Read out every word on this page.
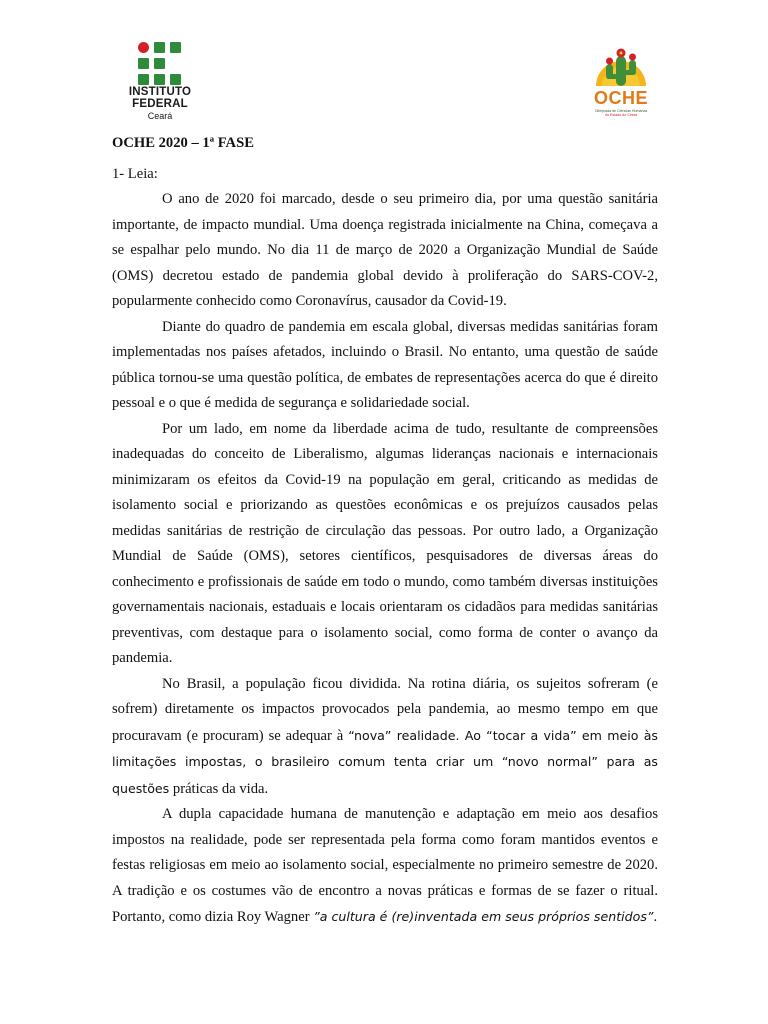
INSTITUTO
FEDERAL
Ceará
OCHE
Olimpíada de Ciências Humanas
do Estado do Ceará

OCHE 2020 – 1ª FASE

1- Leia:

O ano de 2020 foi marcado, desde o seu primeiro dia, por uma questão sanitária importante, de impacto mundial. Uma doença registrada inicialmente na China, começava a se espalhar pelo mundo. No dia 11 de março de 2020 a Organização Mundial de Saúde (OMS) decretou estado de pandemia global devido à proliferação do SARS-COV-2, popularmente conhecido como Coronavírus, causador da Covid-19.

Diante do quadro de pandemia em escala global, diversas medidas sanitárias foram implementadas nos países afetados, incluindo o Brasil. No entanto, uma questão de saúde pública tornou-se uma questão política, de embates de representações acerca do que é direito pessoal e o que é medida de segurança e solidariedade social.

Por um lado, em nome da liberdade acima de tudo, resultante de compreensões inadequadas do conceito de Liberalismo, algumas lideranças nacionais e internacionais minimizaram os efeitos da Covid-19 na população em geral, criticando as medidas de isolamento social e priorizando as questões econômicas e os prejuízos causados pelas medidas sanitárias de restrição de circulação das pessoas. Por outro lado, a Organização Mundial de Saúde (OMS), setores científicos, pesquisadores de diversas áreas do conhecimento e profissionais de saúde em todo o mundo, como também diversas instituições governamentais nacionais, estaduais e locais orientaram os cidadãos para medidas sanitárias preventivas, com destaque para o isolamento social, como forma de conter o avanço da pandemia.

No Brasil, a população ficou dividida. Na rotina diária, os sujeitos sofreram (e sofrem) diretamente os impactos provocados pela pandemia, ao mesmo tempo em que procuravam (e procuram) se adequar à “nova” realidade. Ao “tocar a vida” em meio às limitações impostas, o brasileiro comum tenta criar um “novo normal” para as questões práticas da vida.

A dupla capacidade humana de manutenção e adaptação em meio aos desafios impostos na realidade, pode ser representada pela forma como foram mantidos eventos e festas religiosas em meio ao isolamento social, especialmente no primeiro semestre de 2020. A tradição e os costumes vão de encontro a novas práticas e formas de se fazer o ritual. Portanto, como dizia Roy Wagner ”a cultura é (re)inventada em seus próprios sentidos”.
